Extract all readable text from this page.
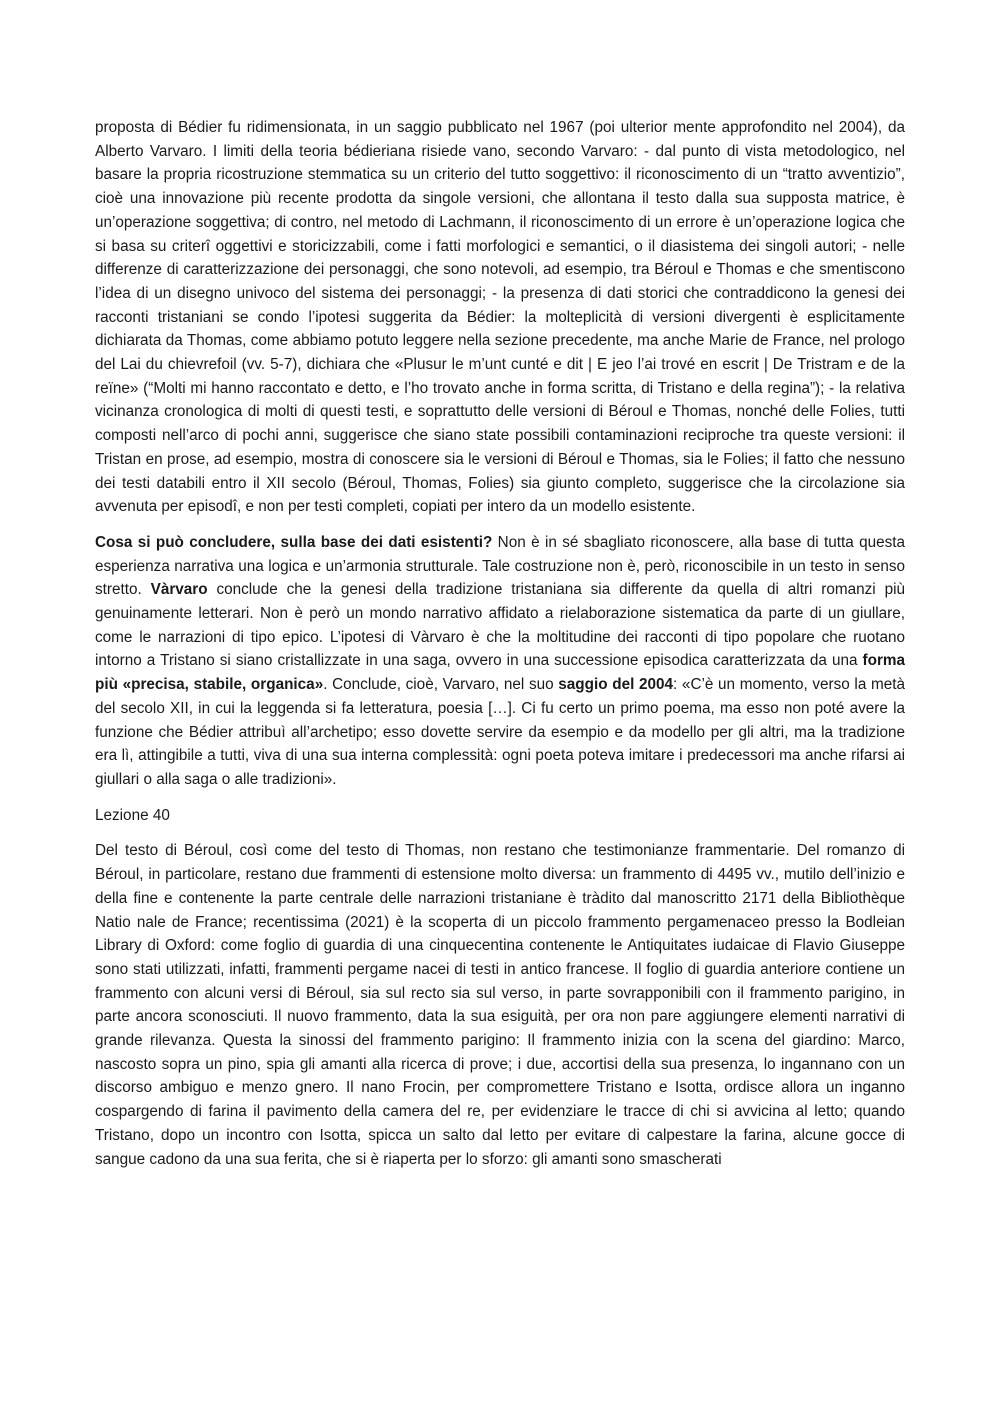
proposta di Bédier fu ridimensionata, in un saggio pubblicato nel 1967 (poi ulterior mente approfondito nel 2004), da Alberto Varvaro. I limiti della teoria bédieriana risiede vano, secondo Varvaro: - dal punto di vista metodologico, nel basare la propria ricostruzione stemmatica su un criterio del tutto soggettivo: il riconoscimento di un “tratto avventizio”, cioè una innovazione più recente prodotta da singole versioni, che allontana il testo dalla sua supposta matrice, è un’operazione soggettiva; di contro, nel metodo di Lachmann, il riconoscimento di un errore è un’operazione logica che si basa su criterî oggettivi e storicizzabili, come i fatti morfologici e semantici, o il diasistema dei singoli autori; - nelle differenze di caratterizzazione dei personaggi, che sono notevoli, ad esempio, tra Béroul e Thomas e che smentiscono l’idea di un disegno univoco del sistema dei personaggi; - la presenza di dati storici che contraddicono la genesi dei racconti tristaniani se condo l’ipotesi suggerita da Bédier: la molteplicità di versioni divergenti è esplicitamente dichiarata da Thomas, come abbiamo potuto leggere nella sezione precedente, ma anche Marie de France, nel prologo del Lai du chievrefoil (vv. 5-7), dichiara che «Plusur le m’unt cunté e dit | E jeo l’ai trové en escrit | De Tristram e de la reïne» (“Molti mi hanno raccontato e detto, e l’ho trovato anche in forma scritta, di Tristano e della regina”); - la relativa vicinanza cronologica di molti di questi testi, e soprattutto delle versioni di Béroul e Thomas, nonché delle Folies, tutti composti nell’arco di pochi anni, suggerisce che siano state possibili contaminazioni reciproche tra queste versioni: il Tristan en prose, ad esempio, mostra di conoscere sia le versioni di Béroul e Thomas, sia le Folies; il fatto che nessuno dei testi databili entro il XII secolo (Béroul, Thomas, Folies) sia giunto completo, suggerisce che la circolazione sia avvenuta per episodî, e non per testi completi, copiati per intero da un modello esistente.

Cosa si può concludere, sulla base dei dati esistenti? Non è in sé sbagliato riconoscere, alla base di tutta questa esperienza narrativa una logica e un’armonia strutturale. Tale costruzione non è, però, riconoscibile in un testo in senso stretto. Vàrvaro conclude che la genesi della tradizione tristaniana sia differente da quella di altri romanzi più genuinamente letterari. Non è però un mondo narrativo affidato a rielaborazione sistematica da parte di un giullare, come le narrazioni di tipo epico. L’ipotesi di Vàrvaro è che la moltitudine dei racconti di tipo popolare che ruotano intorno a Tristano si siano cristallizzate in una saga, ovvero in una successione episodica caratterizzata da una forma più «precisa, stabile, organica». Conclude, cioè, Varvaro, nel suo saggio del 2004: «C’è un momento, verso la metà del secolo XII, in cui la leggenda si fa letteratura, poesia […]. Ci fu certo un primo poema, ma esso non poté avere la funzione che Bédier attribuì all’archetipo; esso dovette servire da esempio e da modello per gli altri, ma la tradizione era lì, attingibile a tutti, viva di una sua interna complessità: ogni poeta poteva imitare i predecessori ma anche rifarsi ai giullari o alla saga o alle tradizioni».

Lezione 40

Del testo di Béroul, così come del testo di Thomas, non restano che testimonianze frammentarie. Del romanzo di Béroul, in particolare, restano due frammenti di estensione molto diversa: un frammento di 4495 vv., mutilo dell’inizio e della fine e contenente la parte centrale delle narrazioni tristaniane è tràdito dal manoscritto 2171 della Bibliothèque Natio nale de France; recentissima (2021) è la scoperta di un piccolo frammento pergamenaceo presso la Bodleian Library di Oxford: come foglio di guardia di una cinquecentina contenente le Antiquitates iudaicae di Flavio Giuseppe sono stati utilizzati, infatti, frammenti pergame nacei di testi in antico francese. Il foglio di guardia anteriore contiene un frammento con alcuni versi di Béroul, sia sul recto sia sul verso, in parte sovrapponibili con il frammento parigino, in parte ancora sconosciuti. Il nuovo frammento, data la sua esiguità, per ora non pare aggiungere elementi narrativi di grande rilevanza. Questa la sinossi del frammento parigino: Il frammento inizia con la scena del giardino: Marco, nascosto sopra un pino, spia gli amanti alla ricerca di prove; i due, accortisi della sua presenza, lo ingannano con un discorso ambiguo e menzo gnero. Il nano Frocin, per compromettere Tristano e Isotta, ordisce allora un inganno cospargendo di farina il pavimento della camera del re, per evidenziare le tracce di chi si avvicina al letto; quando Tristano, dopo un incontro con Isotta, spicca un salto dal letto per evitare di calpestare la farina, alcune gocce di sangue cadono da una sua ferita, che si è riaperta per lo sforzo: gli amanti sono smascherati
